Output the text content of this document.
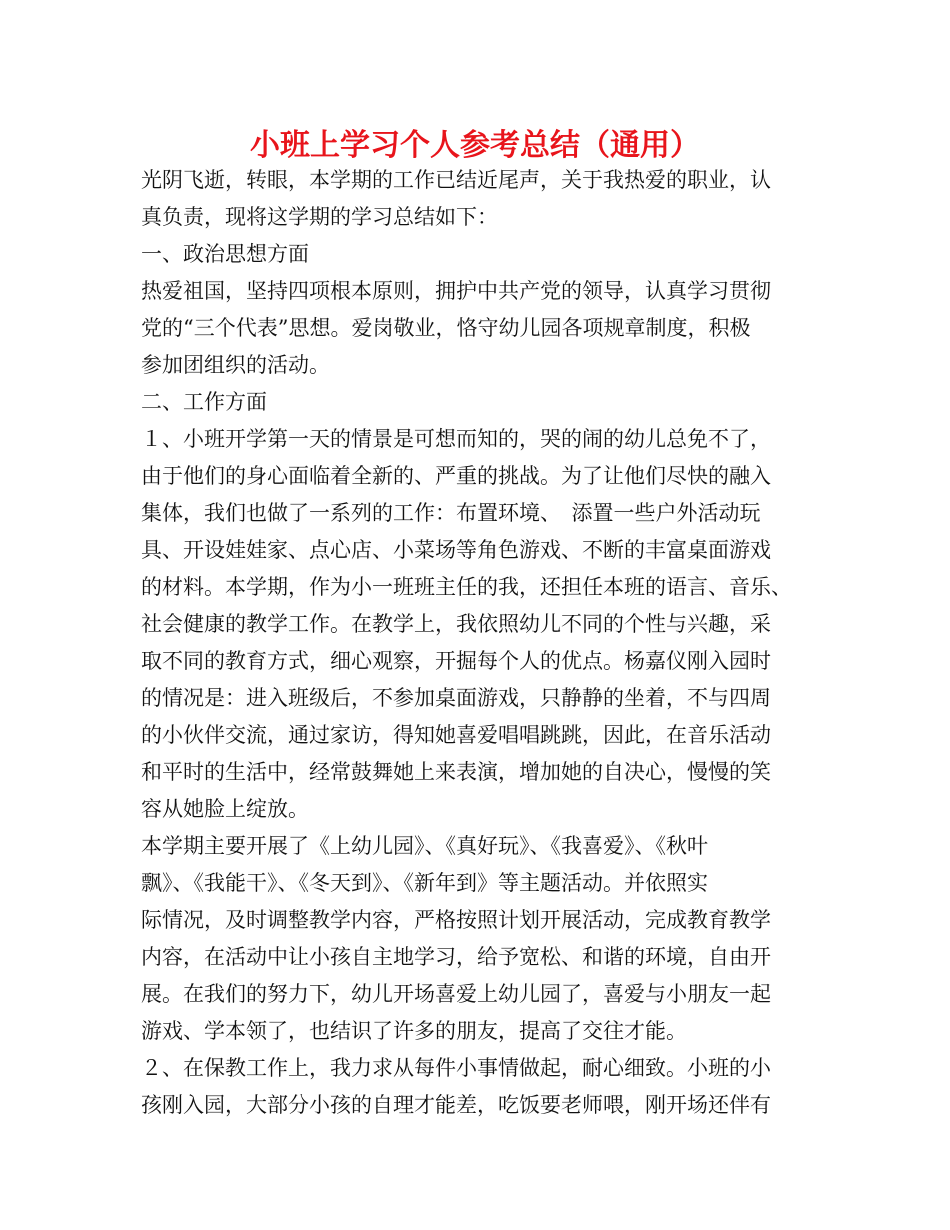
小班上学习个人参考总结（通用）
光阴飞逝，转眼，本学期的工作已结近尾声，关于我热爱的职业，认
真负责，现将这学期的学习总结如下：
一、政治思想方面
热爱祖国，坚持四项根本原则，拥护中共产党的领导，认真学习贯彻
党的“三个代表”思想。爱岗敬业，恪守幼儿园各项规章制度，积极
参加团组织的活动。
二、工作方面
１、小班开学第一天的情景是可想而知的，哭的闹的幼儿总免不了，
由于他们的身心面临着全新的、严重的挑战。为了让他们尽快的融入
集体，我们也做了一系列的工作：布置环境、　添置一些户外活动玩
具、开设娃娃家、点心店、小菜场等角色游戏、不断的丰富桌面游戏
的材料。本学期，作为小一班班主任的我，还担任本班的语言、音乐、
社会健康的教学工作。在教学上，我依照幼儿不同的个性与兴趣，采
取不同的教育方式，细心观察，开掘每个人的优点。杨嘉仪刚入园时
的情况是：进入班级后，不参加桌面游戏，只静静的坐着，不与四周
的小伙伴交流，通过家访，得知她喜爱唱唱跳跳，因此，在音乐活动
和平时的生活中，经常鼓舞她上来表演，增加她的自决心，慢慢的笑
容从她脸上绽放。
本学期主要开展了《上幼儿园》、《真好玩》、《我喜爱》、《秋叶
飘》、《我能干》、《冬天到》、《新年到》等主题活动。并依照实
际情况，及时调整教学内容，严格按照计划开展活动，完成教育教学
内容，在活动中让小孩自主地学习，给予宽松、和谐的环境，自由开
展。在我们的努力下，幼儿开场喜爱上幼儿园了，喜爱与小朋友一起
游戏、学本领了，也结识了许多的朋友，提高了交往才能。
２、在保教工作上，我力求从每件小事情做起，耐心细致。小班的小
孩刚入园，大部分小孩的自理才能差，吃饭要老师喂，刚开场还伴有
